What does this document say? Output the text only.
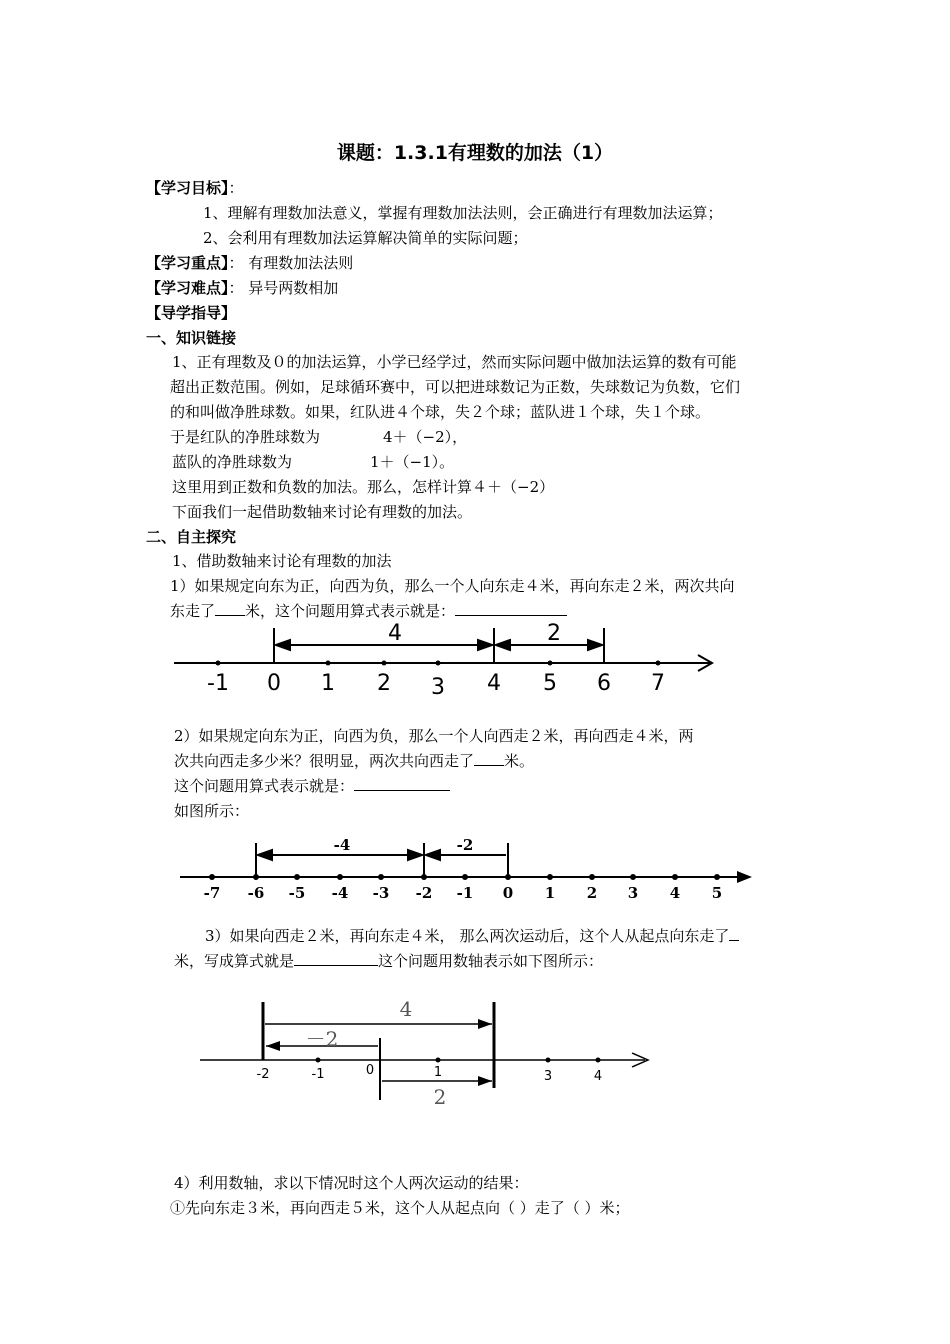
课题：1.3.1有理数的加法（1）
【学习目标】：
1、理解有理数加法意义，掌握有理数加法法则，会正确进行有理数加法运算；
2、会利用有理数加法运算解决简单的实际问题；
【学习重点】： 有理数加法法则
【学习难点】： 异号两数相加
【导学指导】
一、知识链接
1、正有理数及０的加法运算，小学已经学过，然而实际问题中做加法运算的数有可能
超出正数范围。例如，足球循环赛中，可以把进球数记为正数，失球数记为负数，它们
的和叫做净胜球数。如果，红队进４个球，失２个球；蓝队进１个球，失１个球。
于是红队的净胜球数为	4＋（−2），
蓝队的净胜球数为	1＋（−1）。
这里用到正数和负数的加法。那么，怎样计算４＋（−2）
下面我们一起借助数轴来讨论有理数的加法。
二、自主探究
1、借助数轴来讨论有理数的加法
1）如果规定向东为正，向西为负，那么一个人向东走４米，再向东走２米，两次共向
东走了 米，这个问题用算式表示就是：
-1 0 1 2 3 4 5 6 7
4	2
-7 -6 -5 -4 -3 -2 -1 0 1 2 3 4 5
-4	-2
-2	-1	0	1	3	4
4
－2
2
2）如果规定向东为正，向西为负，那么一个人向西走２米，再向西走４米，两
次共向西走多少米？很明显，两次共向西走了 米。
这个问题用算式表示就是：
如图所示：
3）如果向西走２米，再向东走４米， 那么两次运动后，这个人从起点向东走了
米，写成算式就是	这个问题用数轴表示如下图所示：
4）利用数轴，求以下情况时这个人两次运动的结果：
①先向东走３米，再向西走５米，这个人从起点向（ ）走了（ ）米；
